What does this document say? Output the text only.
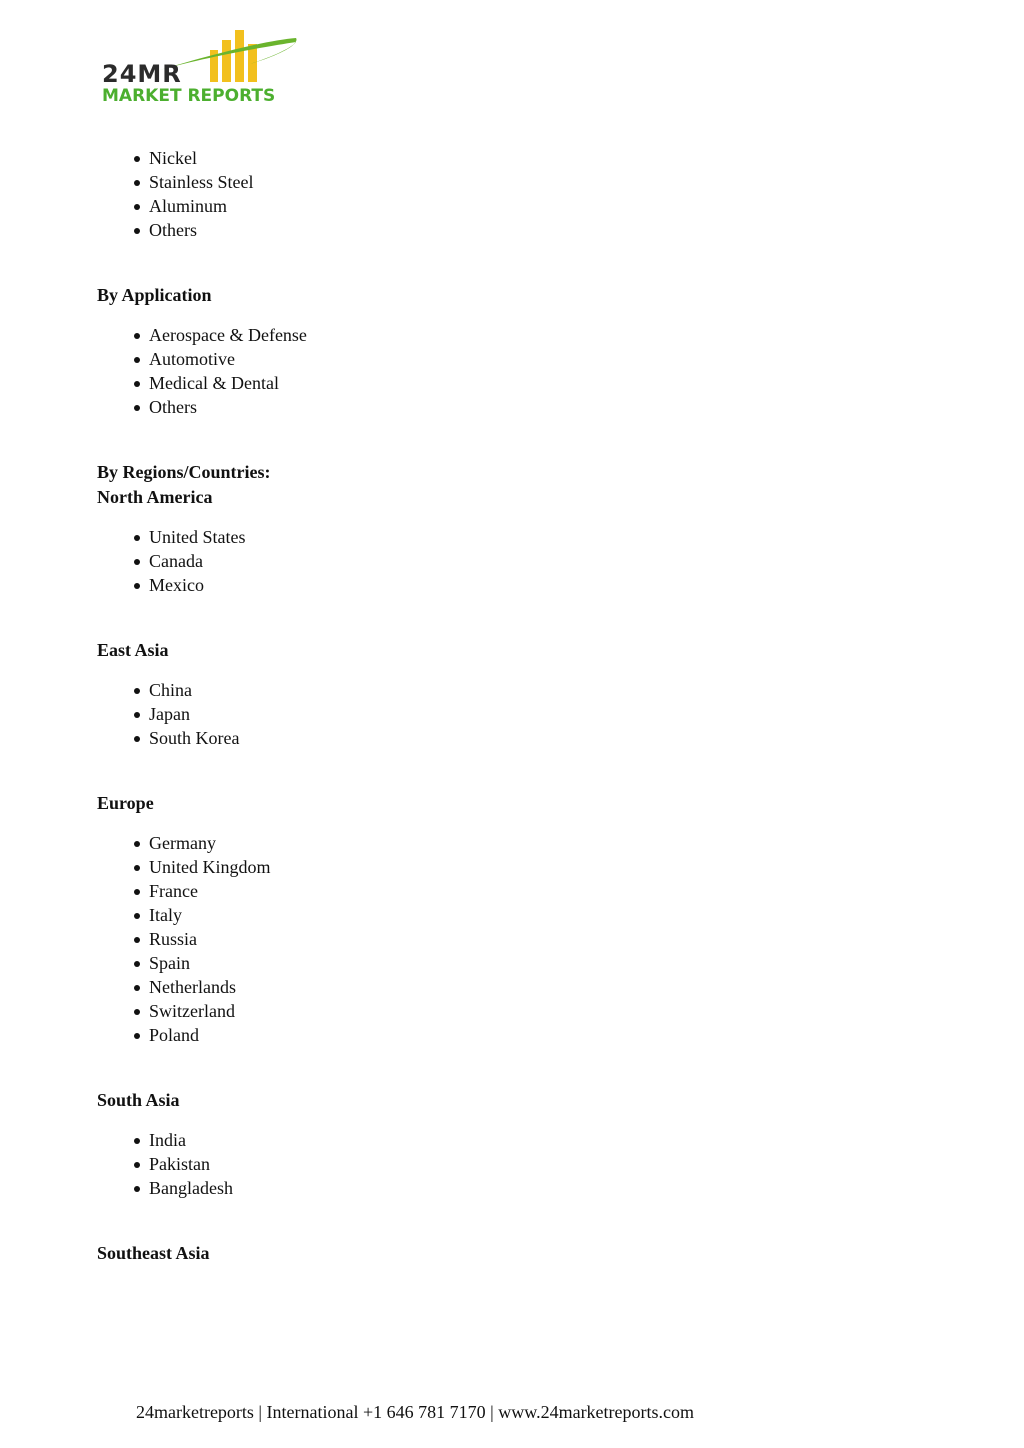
24MR
MARKET REPORTS
Nickel
Stainless Steel
Aluminum
Others
By Application
Aerospace & Defense
Automotive
Medical & Dental
Others
By Regions/Countries:
North America
United States
Canada
Mexico
East Asia
China
Japan
South Korea
Europe
Germany
United Kingdom
France
Italy
Russia
Spain
Netherlands
Switzerland
Poland
South Asia
India
Pakistan
Bangladesh
Southeast Asia
24marketreports | International +1 646 781 7170 | www.24marketreports.com
